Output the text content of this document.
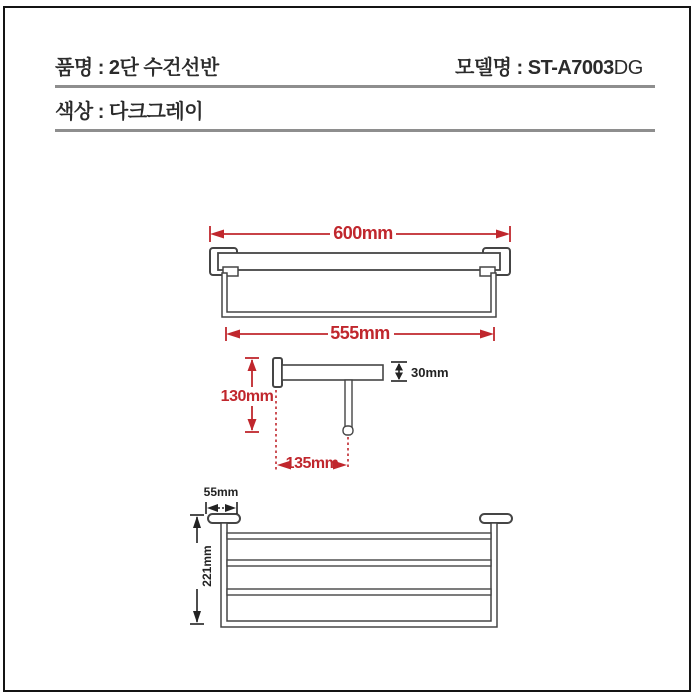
품명 : 2단 수건선반	모델명 : ST-A7003DG
색상 : 다크그레이
600mm
555mm
130mm
30mm
135mm
55mm
221mm
